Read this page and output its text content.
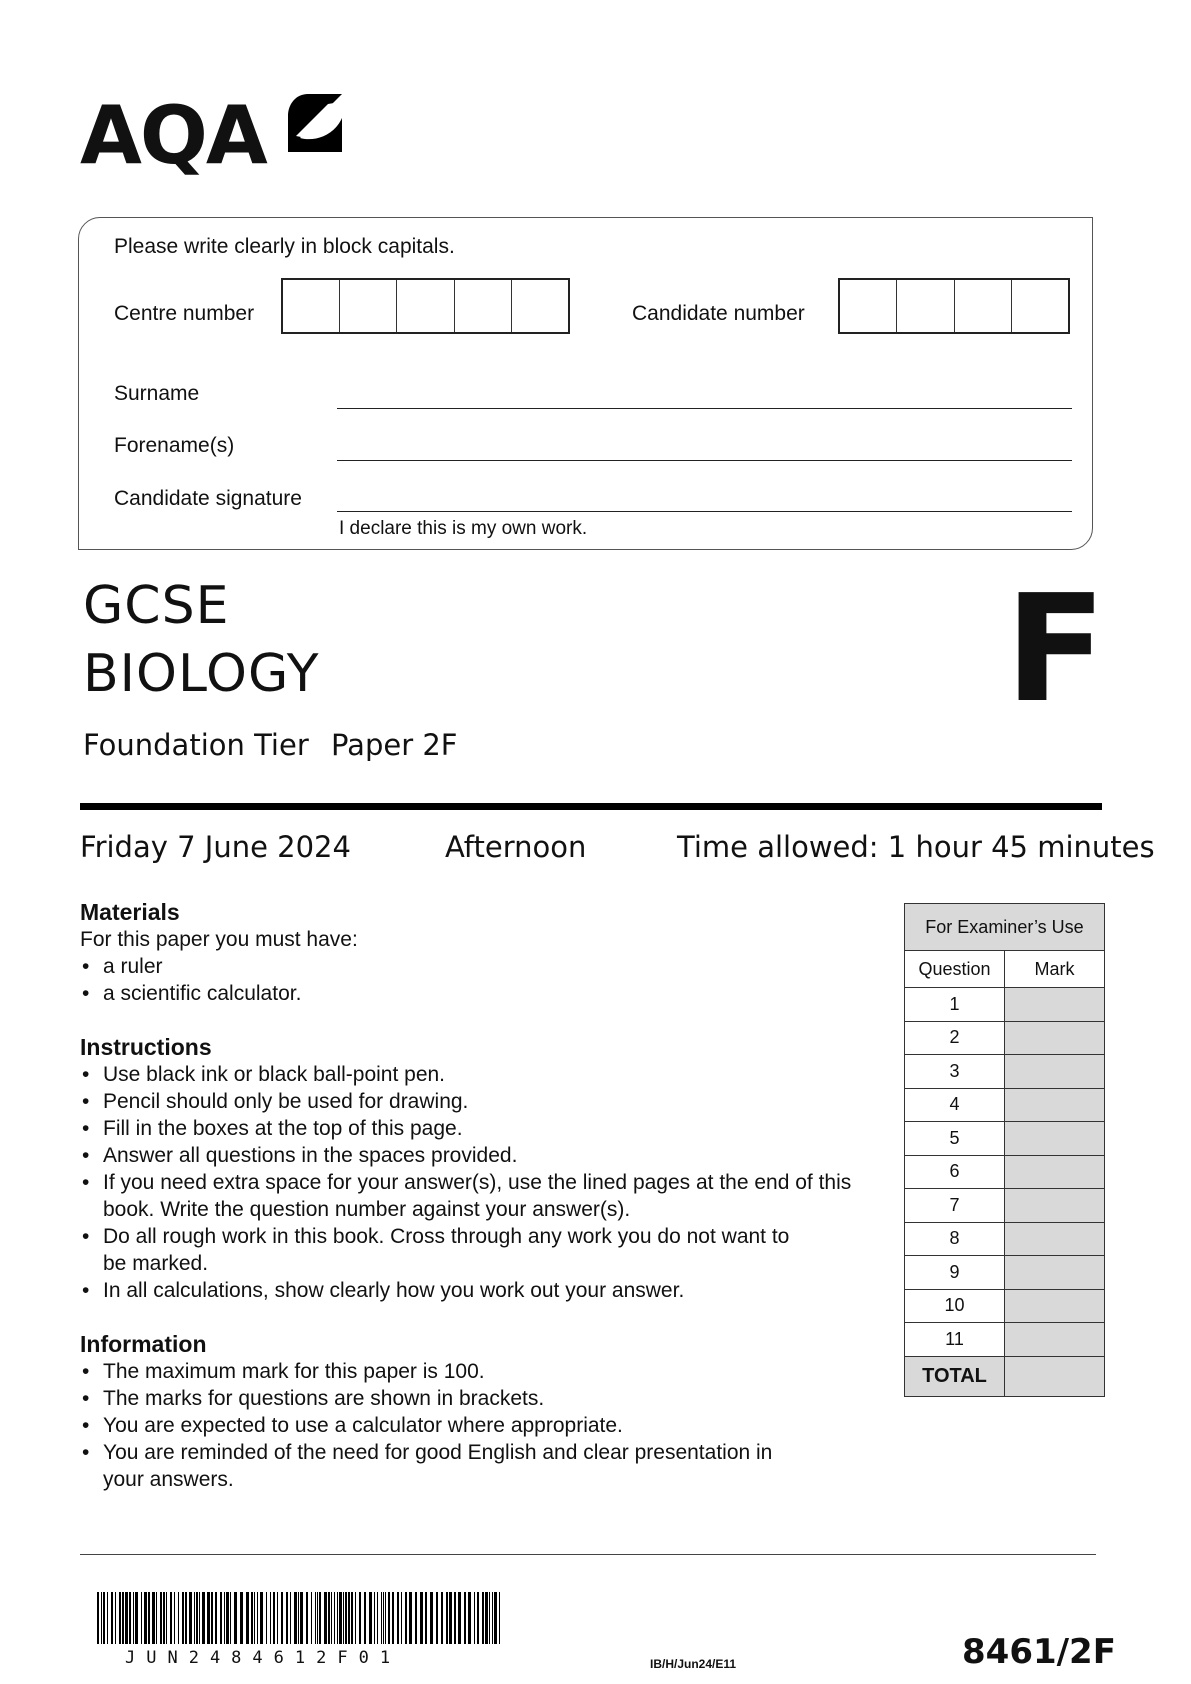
AQA
Please write clearly in block capitals.
Centre number	Candidate number
Surname
Forename(s)
Candidate signature
I declare this is my own work.
GCSE
BIOLOGY
Foundation Tier Paper 2F
F
Friday 7 June 2024	Afternoon	Time allowed: 1 hour 45 minutes
Materials
For this paper you must have:
• a ruler
• a scientific calculator.
Instructions
• Use black ink or black ball-point pen.
• Pencil should only be used for drawing.
• Fill in the boxes at the top of this page.
• Answer all questions in the spaces provided.
• If you need extra space for your answer(s), use the lined pages at the end of this book. Write the question number against your answer(s).
• Do all rough work in this book. Cross through any work you do not want to be marked.
• In all calculations, show clearly how you work out your answer.
Information
• The maximum mark for this paper is 100.
• The marks for questions are shown in brackets.
• You are expected to use a calculator where appropriate.
• You are reminded of the need for good English and clear presentation in your answers.
For Examiner’s Use	
Question	Mark
1	
2	
3	
4	
5	
6	
7	
8	
9	
10	
11	
TOTAL	
JUN2484612F01	IB/H/Jun24/E11	8461/2F
